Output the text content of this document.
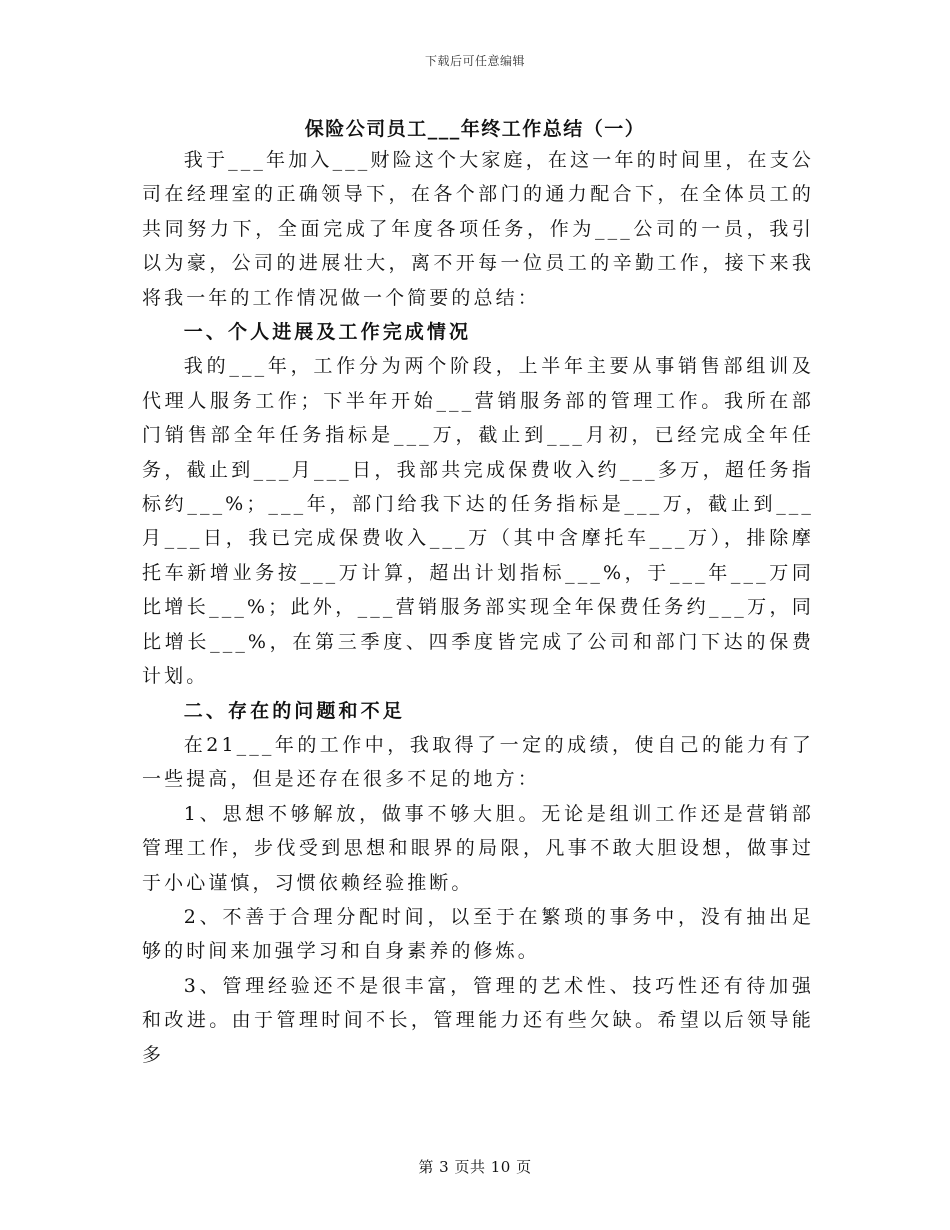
下载后可任意编辑
保险公司员工___年终工作总结（一）

我于___年加入___财险这个大家庭，在这一年的时间里，在支公司在经理室的正确领导下，在各个部门的通力配合下，在全体员工的共同努力下，全面完成了年度各项任务，作为___公司的一员，我引以为豪，公司的进展壮大，离不开每一位员工的辛勤工作，接下来我将我一年的工作情况做一个简要的总结：

一、个人进展及工作完成情况

我的___年，工作分为两个阶段，上半年主要从事销售部组训及代理人服务工作；下半年开始___营销服务部的管理工作。我所在部门销售部全年任务指标是___万，截止到___月初，已经完成全年任务，截止到___月___日，我部共完成保费收入约___多万，超任务指标约___%；___年，部门给我下达的任务指标是___万，截止到___月___日，我已完成保费收入___万（其中含摩托车___万），排除摩托车新增业务按___万计算，超出计划指标___%，于___年___万同比增长___%；此外，___营销服务部实现全年保费任务约___万，同比增长___%，在第三季度、四季度皆完成了公司和部门下达的保费计划。

二、存在的问题和不足

在21___年的工作中，我取得了一定的成绩，使自己的能力有了一些提高，但是还存在很多不足的地方：

1、思想不够解放，做事不够大胆。无论是组训工作还是营销部管理工作，步伐受到思想和眼界的局限，凡事不敢大胆设想，做事过于小心谨慎，习惯依赖经验推断。

2、不善于合理分配时间，以至于在繁琐的事务中，没有抽出足够的时间来加强学习和自身素养的修炼。

3、管理经验还不是很丰富，管理的艺术性、技巧性还有待加强和改进。由于管理时间不长，管理能力还有些欠缺。希望以后领导能多

第 3 页共 10 页
